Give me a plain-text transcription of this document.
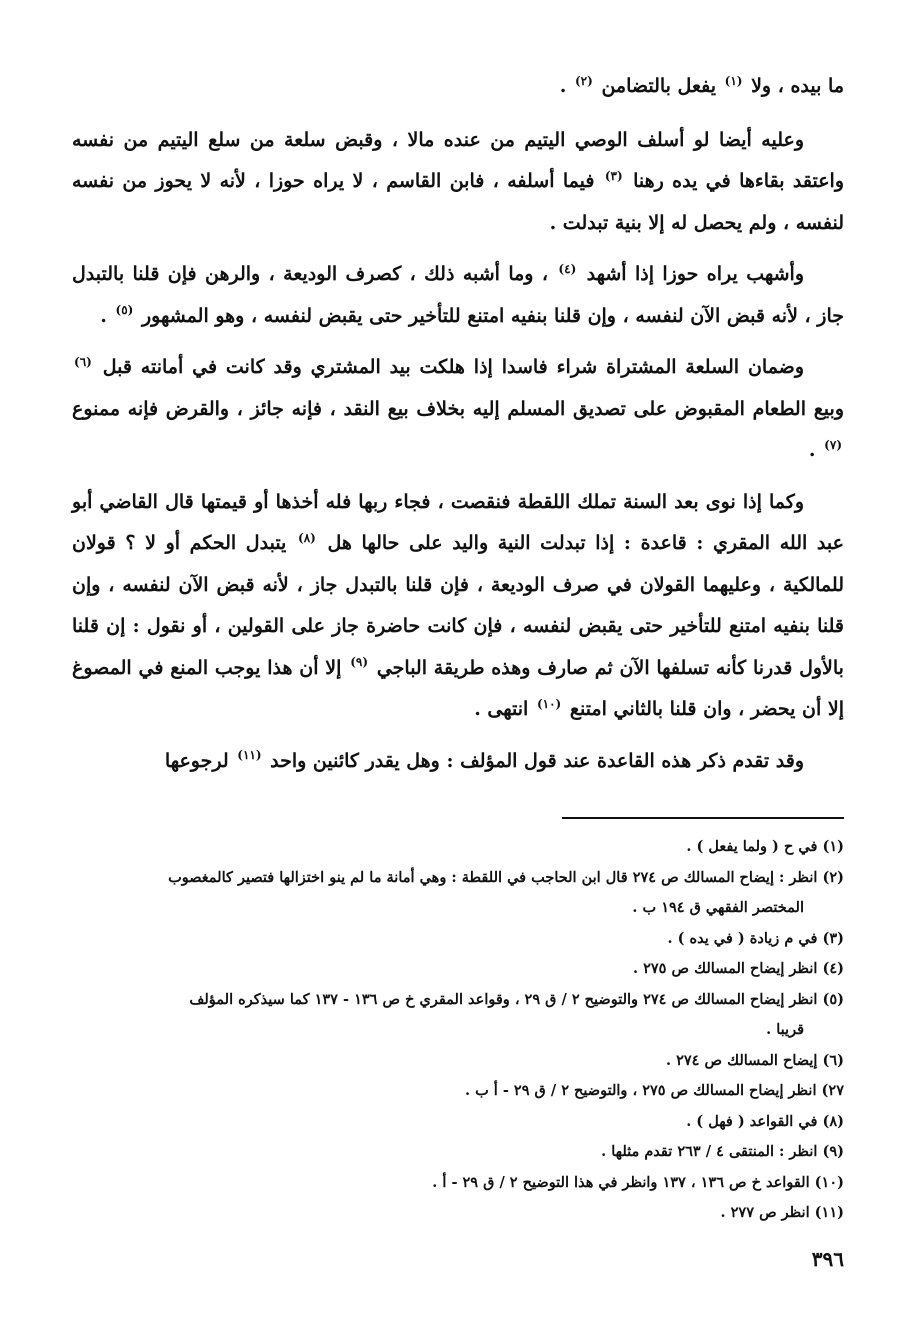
ما بيده ، ولا $^{(١)}$ يفعل بالتضامن $^{(٢)}$ .

وعليه أيضا لو أسلف الوصي اليتيم من عنده مالا ، وقبض سلعة من سلع اليتيم من نفسه واعتقد بقاءها في يده رهنا $^{(٣)}$ فيما أسلفه ، فابن القاسم ، لا يراه حوزا ، لأنه لا يحوز من نفسه لنفسه ، ولم يحصل له إلا بنية تبدلت .

وأشهب يراه حوزا إذا أشهد $^{(٤)}$ ، وما أشبه ذلك ، كصرف الوديعة ، والرهن فإن قلنا بالتبدل جاز ، لأنه قبض الآن لنفسه ، وإن قلنا بنفيه امتنع للتأخير حتى يقبض لنفسه ، وهو المشهور $^{(٥)}$ .

وضمان السلعة المشتراة شراء فاسدا إذا هلكت بيد المشتري وقد كانت في أمانته قبل $^{(٦)}$ وبيع الطعام المقبوض على تصديق المسلم إليه بخلاف بيع النقد ، فإنه جائز ، والقرض فإنه ممنوع $^{(٧)}$ .

وكما إذا نوى بعد السنة تملك اللقطة فنقصت ، فجاء ربها فله أخذها أو قيمتها قال القاضي أبو عبد الله المقري : قاعدة : إذا تبدلت النية واليد على حالها هل $^{(٨)}$ يتبدل الحكم أو لا ؟ قولان للمالكية ، وعليهما القولان في صرف الوديعة ، فإن قلنا بالتبدل جاز ، لأنه قبض الآن لنفسه ، وإن قلنا بنفيه امتنع للتأخير حتى يقبض لنفسه ، فإن كانت حاضرة جاز على القولين ، أو نقول : إن قلنا بالأول قدرنا كأنه تسلفها الآن ثم صارف وهذه طريقة الباجي $^{(٩)}$ إلا أن هذا يوجب المنع في المصوغ إلا أن يحضر ، وان قلنا بالثاني امتنع $^{(١٠)}$ انتهى .

وقد تقدم ذكر هذه القاعدة عند قول المؤلف : وهل يقدر كائنين واحد $^{(١١)}$ لرجوعها

(١) في ح ( ولما يفعل ) .

(٢) انظر : إيضاح المسالك ص ٢٧٤ قال ابن الحاجب في اللقطة : وهي أمانة ما لم ينو اختزالها فتصير كالمغصوب
المختصر الفقهي ق ١٩٤ ب .

(٣) في م زيادة ( في يده ) .

(٤) انظر إيضاح المسالك ص ٢٧٥ .

(٥) انظر إيضاح المسالك ص ٢٧٤ والتوضيح ٢ / ق ٢٩ ، وقواعد المقري خ ص ١٣٦ - ١٣٧ كما سيذكره المؤلف
قريبا .

(٦) إيضاح المسالك ص ٢٧٤ .

٢٧) انظر إيضاح المسالك ص ٢٧٥ ، والتوضيح ٢ / ق ٢٩ - أ ب .

(٨) في القواعد ( فهل ) .

(٩) انظر : المنتقى ٤ / ٢٦٣ تقدم مثلها .

(١٠) القواعد خ ص ١٣٦ ، ١٣٧ وانظر في هذا التوضيح ٢ / ق ٢٩ - أ .

(١١) انظر ص ٢٧٧ .

٣٩٦
